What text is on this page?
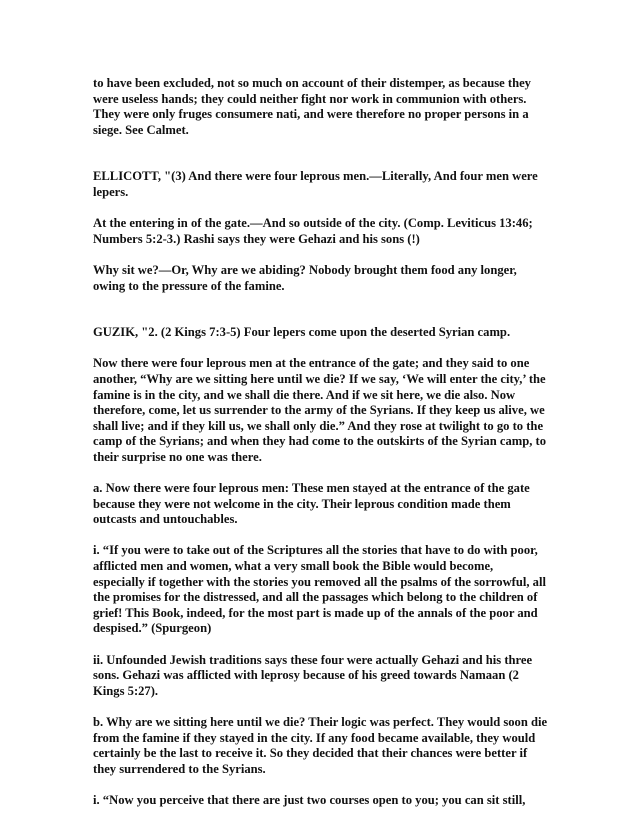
to have been excluded, not so much on account of their distemper, as because they were useless hands; they could neither fight nor work in communion with others. They were only fruges consumere nati, and were therefore no proper persons in a siege. See Calmet.

ELLICOTT, "(3) And there were four leprous men.—Literally, And four men were lepers.

At the entering in of the gate.—And so outside of the city. (Comp. Leviticus 13:46; Numbers 5:2-3.) Rashi says they were Gehazi and his sons (!)

Why sit we?—Or, Why are we abiding? Nobody brought them food any longer, owing to the pressure of the famine.

GUZIK, "2. (2 Kings 7:3-5) Four lepers come upon the deserted Syrian camp.

Now there were four leprous men at the entrance of the gate; and they said to one another, “Why are we sitting here until we die? If we say, ‘We will enter the city,’ the famine is in the city, and we shall die there. And if we sit here, we die also. Now therefore, come, let us surrender to the army of the Syrians. If they keep us alive, we shall live; and if they kill us, we shall only die.” And they rose at twilight to go to the camp of the Syrians; and when they had come to the outskirts of the Syrian camp, to their surprise no one was there.

a. Now there were four leprous men: These men stayed at the entrance of the gate because they were not welcome in the city. Their leprous condition made them outcasts and untouchables.

i. “If you were to take out of the Scriptures all the stories that have to do with poor, afflicted men and women, what a very small book the Bible would become, especially if together with the stories you removed all the psalms of the sorrowful, all the promises for the distressed, and all the passages which belong to the children of grief! This Book, indeed, for the most part is made up of the annals of the poor and despised.” (Spurgeon)

ii. Unfounded Jewish traditions says these four were actually Gehazi and his three sons. Gehazi was afflicted with leprosy because of his greed towards Namaan (2 Kings 5:27).

b. Why are we sitting here until we die? Their logic was perfect. They would soon die from the famine if they stayed in the city. If any food became available, they would certainly be the last to receive it. So they decided that their chances were better if they surrendered to the Syrians.

i. “Now you perceive that there are just two courses open to you; you can sit still,
